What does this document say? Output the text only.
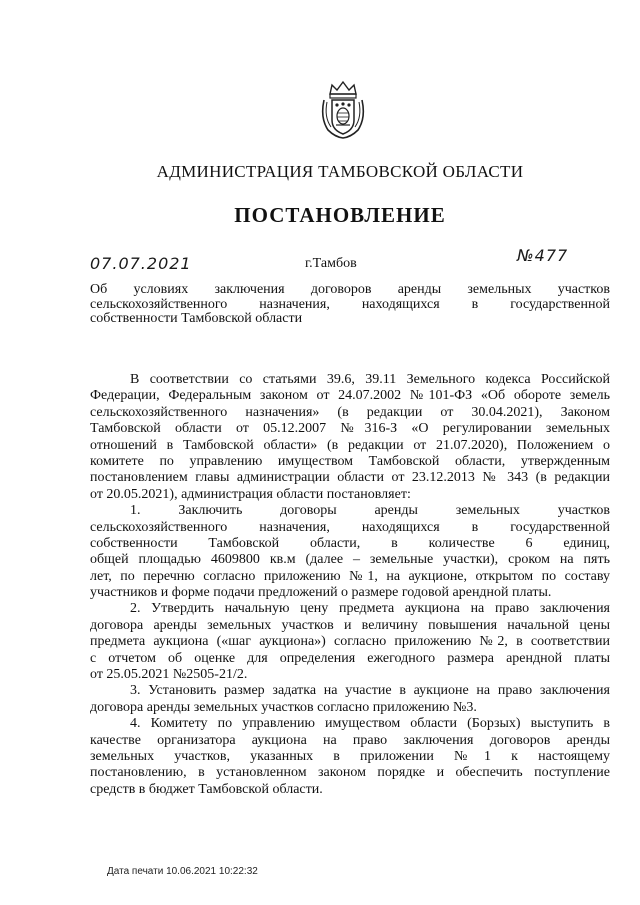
АДМИНИСТРАЦИЯ ТАМБОВСКОЙ ОБЛАСТИ
ПОСТАНОВЛЕНИЕ
07.07.2021	г.Тамбов	№477
Об условиях заключения договоров аренды земельных участков
сельскохозяйственного назначения, находящихся в государственной
собственности Тамбовской области
В соответствии со статьями 39.6, 39.11 Земельного кодекса Российской
Федерации, Федеральным законом от 24.07.2002 №101-ФЗ «Об обороте земель
сельскохозяйственного назначения» (в редакции от 30.04.2021), Законом
Тамбовской области от 05.12.2007 №316-З «О регулировании земельных
отношений в Тамбовской области» (в редакции от 21.07.2020), Положением о
комитете по управлению имуществом Тамбовской области, утвержденным
постановлением главы администрации области от 23.12.2013 № 343 (в редакции
от 20.05.2021), администрация области постановляет:
1. Заключить договоры аренды земельных участков
сельскохозяйственного назначения, находящихся в государственной
собственности Тамбовской области, в количестве 6 единиц,
общей площадью 4609800 кв.м (далее – земельные участки), сроком на пять
лет, по перечню согласно приложению №1, на аукционе, открытом по составу
участников и форме подачи предложений о размере годовой арендной платы.
2. Утвердить начальную цену предмета аукциона на право заключения
договора аренды земельных участков и величину повышения начальной цены
предмета аукциона («шаг аукциона») согласно приложению №2, в соответствии
с отчетом об оценке для определения ежегодного размера арендной платы
от 25.05.2021 №2505-21/2.
3. Установить размер задатка на участие в аукционе на право заключения
договора аренды земельных участков согласно приложению №3.
4. Комитету по управлению имуществом области (Борзых) выступить в
качестве организатора аукциона на право заключения договоров аренды
земельных участков, указанных в приложении №1 к настоящему
постановлению, в установленном законом порядке и обеспечить поступление
средств в бюджет Тамбовской области.
Дата печати 10.06.2021 10:22:32
